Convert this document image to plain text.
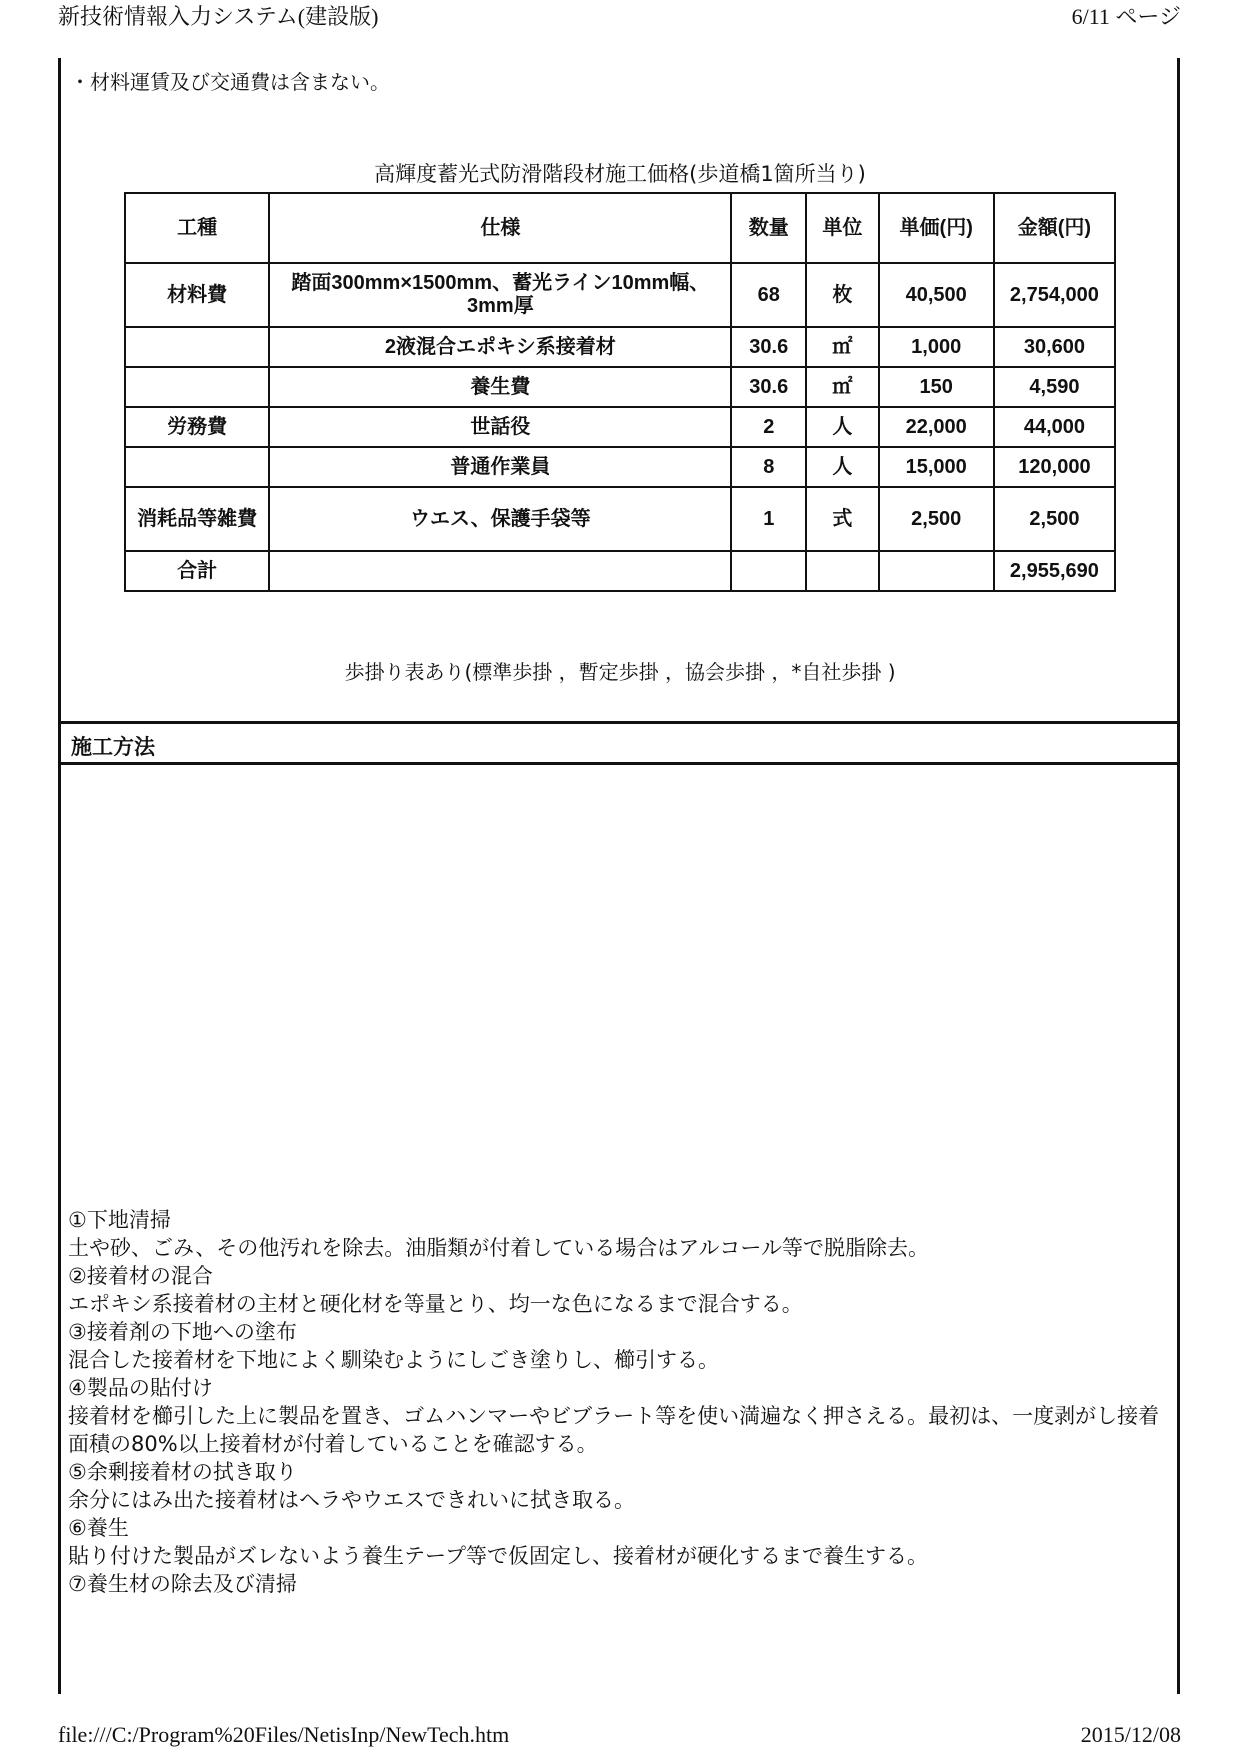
新技術情報入力システム(建設版)	6/11 ページ
・材料運賃及び交通費は含まない。
高輝度蓄光式防滑階段材施工価格(歩道橋1箇所当り)
工種	仕様	数量	単位	単価(円)	金額(円)
材料費	踏面300mm×1500mm、蓄光ライン10mm幅、3mm厚	68	枚	40,500	2,754,000
	2液混合エポキシ系接着材	30.6	㎡	1,000	30,600
	養生費	30.6	㎡	150	4,590
労務費	世話役	2	人	22,000	44,000
	普通作業員	8	人	15,000	120,000
消耗品等雑費	ウエス、保護手袋等	1	式	2,500	2,500
合計					2,955,690
歩掛り表あり(標準歩掛 ，暫定歩掛 ，協会歩掛 ，*自社歩掛 )
施工方法

①下地清掃

土や砂、ごみ、その他汚れを除去。油脂類が付着している場合はアルコール等で脱脂除去。

②接着材の混合

エポキシ系接着材の主材と硬化材を等量とり、均一な色になるまで混合する。

③接着剤の下地への塗布

混合した接着材を下地によく馴染むようにしごき塗りし、櫛引する。

④製品の貼付け

接着材を櫛引した上に製品を置き、ゴムハンマーやビブラート等を使い満遍なく押さえる。最初は、一度剥がし接着面積の80%以上接着材が付着していることを確認する。

⑤余剰接着材の拭き取り

余分にはみ出た接着材はヘラやウエスできれいに拭き取る。

⑥養生

貼り付けた製品がズレないよう養生テープ等で仮固定し、接着材が硬化するまで養生する。

⑦養生材の除去及び清掃

file:///C:/Program%20Files/NetisInp/NewTech.htm	2015/12/08
